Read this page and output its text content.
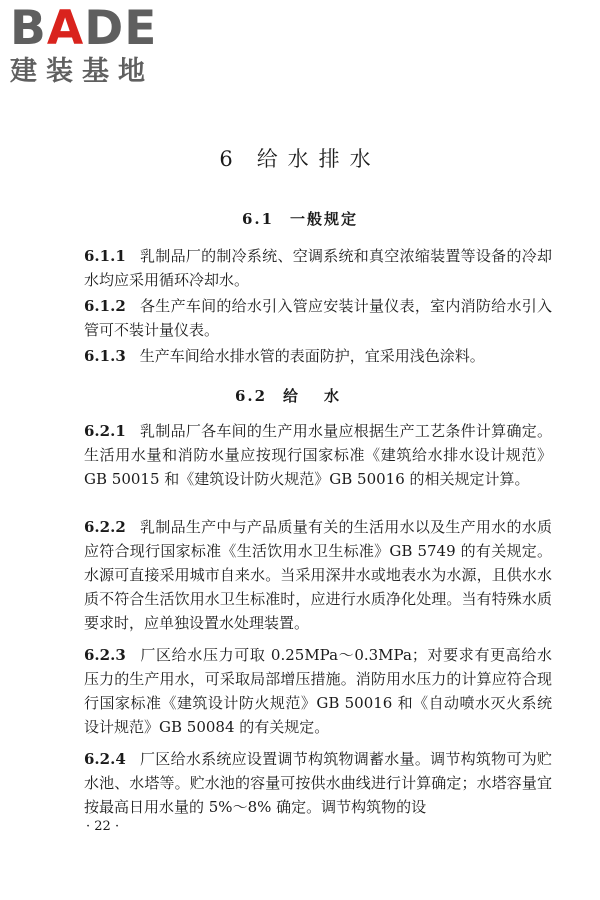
BADE
建装基地
6 给水排水
6.1 一般规定

6.1.1 乳制品厂的制冷系统、空调系统和真空浓缩装置等设备的冷却水均应采用循环冷却水。

6.1.2 各生产车间的给水引入管应安装计量仪表，室内消防给水引入管可不装计量仪表。

6.1.3 生产车间给水排水管的表面防护，宜采用浅色涂料。

6.2 给水

6.2.1 乳制品厂各车间的生产用水量应根据生产工艺条件计算确定。生活用水量和消防水量应按现行国家标准《建筑给水排水设计规范》GB 50015 和《建筑设计防火规范》GB 50016 的相关规定计算。

6.2.2 乳制品生产中与产品质量有关的生活用水以及生产用水的水质应符合现行国家标准《生活饮用水卫生标准》GB 5749 的有关规定。水源可直接采用城市自来水。当采用深井水或地表水为水源，且供水水质不符合生活饮用水卫生标准时，应进行水质净化处理。当有特殊水质要求时，应单独设置水处理装置。

6.2.3 厂区给水压力可取 0.25MPa～0.3MPa；对要求有更高给水压力的生产用水，可采取局部增压措施。消防用水压力的计算应符合现行国家标准《建筑设计防火规范》GB 50016 和《自动喷水灭火系统设计规范》GB 50084 的有关规定。

6.2.4 厂区给水系统应设置调节构筑物调蓄水量。调节构筑物可为贮水池、水塔等。贮水池的容量可按供水曲线进行计算确定；水塔容量宜按最高日用水量的 5%～8% 确定。调节构筑物的设

· 22 ·
